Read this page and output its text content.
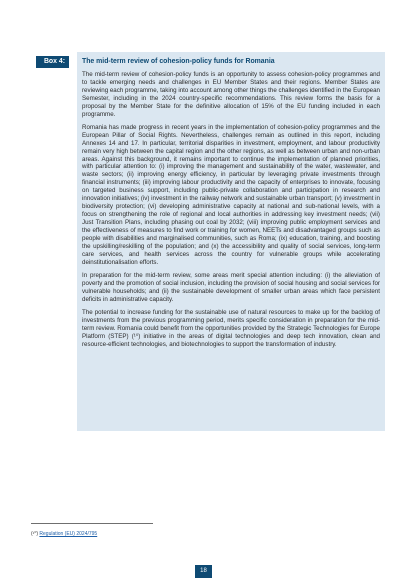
Box 4:	The mid-term review of cohesion-policy funds for Romania

The mid-term review of cohesion-policy funds is an opportunity to assess cohesion-policy programmes and to tackle emerging needs and challenges in EU Member States and their regions. Member States are reviewing each programme, taking into account among other things the challenges identified in the European Semester, including in the 2024 country-specific recommendations. This review forms the basis for a proposal by the Member State for the definitive allocation of 15% of the EU funding included in each programme.

Romania has made progress in recent years in the implementation of cohesion-policy programmes and the European Pillar of Social Rights. Nevertheless, challenges remain as outlined in this report, including Annexes 14 and 17. In particular, territorial disparities in investment, employment, and labour productivity remain very high between the capital region and the other regions, as well as between urban and non-urban areas. Against this background, it remains important to continue the implementation of planned priorities, with particular attention to: (i) improving the management and sustainability of the water, wastewater, and waste sectors; (ii) improving energy efficiency, in particular by leveraging private investments through financial instruments; (iii) improving labour productivity and the capacity of enterprises to innovate, focusing on targeted business support, including public-private collaboration and participation in research and innovation initiatives; (iv) investment in the railway network and sustainable urban transport; (v) investment in biodiversity protection; (vi) developing administrative capacity at national and sub-national levels, with a focus on strengthening the role of regional and local authorities in addressing key investment needs; (vii) Just Transition Plans, including phasing out coal by 2032; (viii) improving public employment services and the effectiveness of measures to find work or training for women, NEETs and disadvantaged groups such as people with disabilities and marginalised communities, such as Roma; (ix) education, training, and boosting the upskilling/reskilling of the population; and (x) the accessibility and quality of social services, long-term care services, and health services across the country for vulnerable groups while accelerating deinstitutionalisation efforts.

In preparation for the mid-term review, some areas merit special attention including: (i) the alleviation of poverty and the promotion of social inclusion, including the provision of social housing and social services for vulnerable households; and (ii) the sustainable development of smaller urban areas which face persistent deficits in administrative capacity.

The potential to increase funding for the sustainable use of natural resources to make up for the backlog of investments from the previous programming period, merits specific consideration in preparation for the mid-term review. Romania could benefit from the opportunities provided by the Strategic Technologies for Europe Platform (STEP) (¹⁰) initiative in the areas of digital technologies and deep tech innovation, clean and resource-efficient technologies, and biotechnologies to support the transformation of industry.

(¹⁰) Regulation (EU) 2024/795
18
